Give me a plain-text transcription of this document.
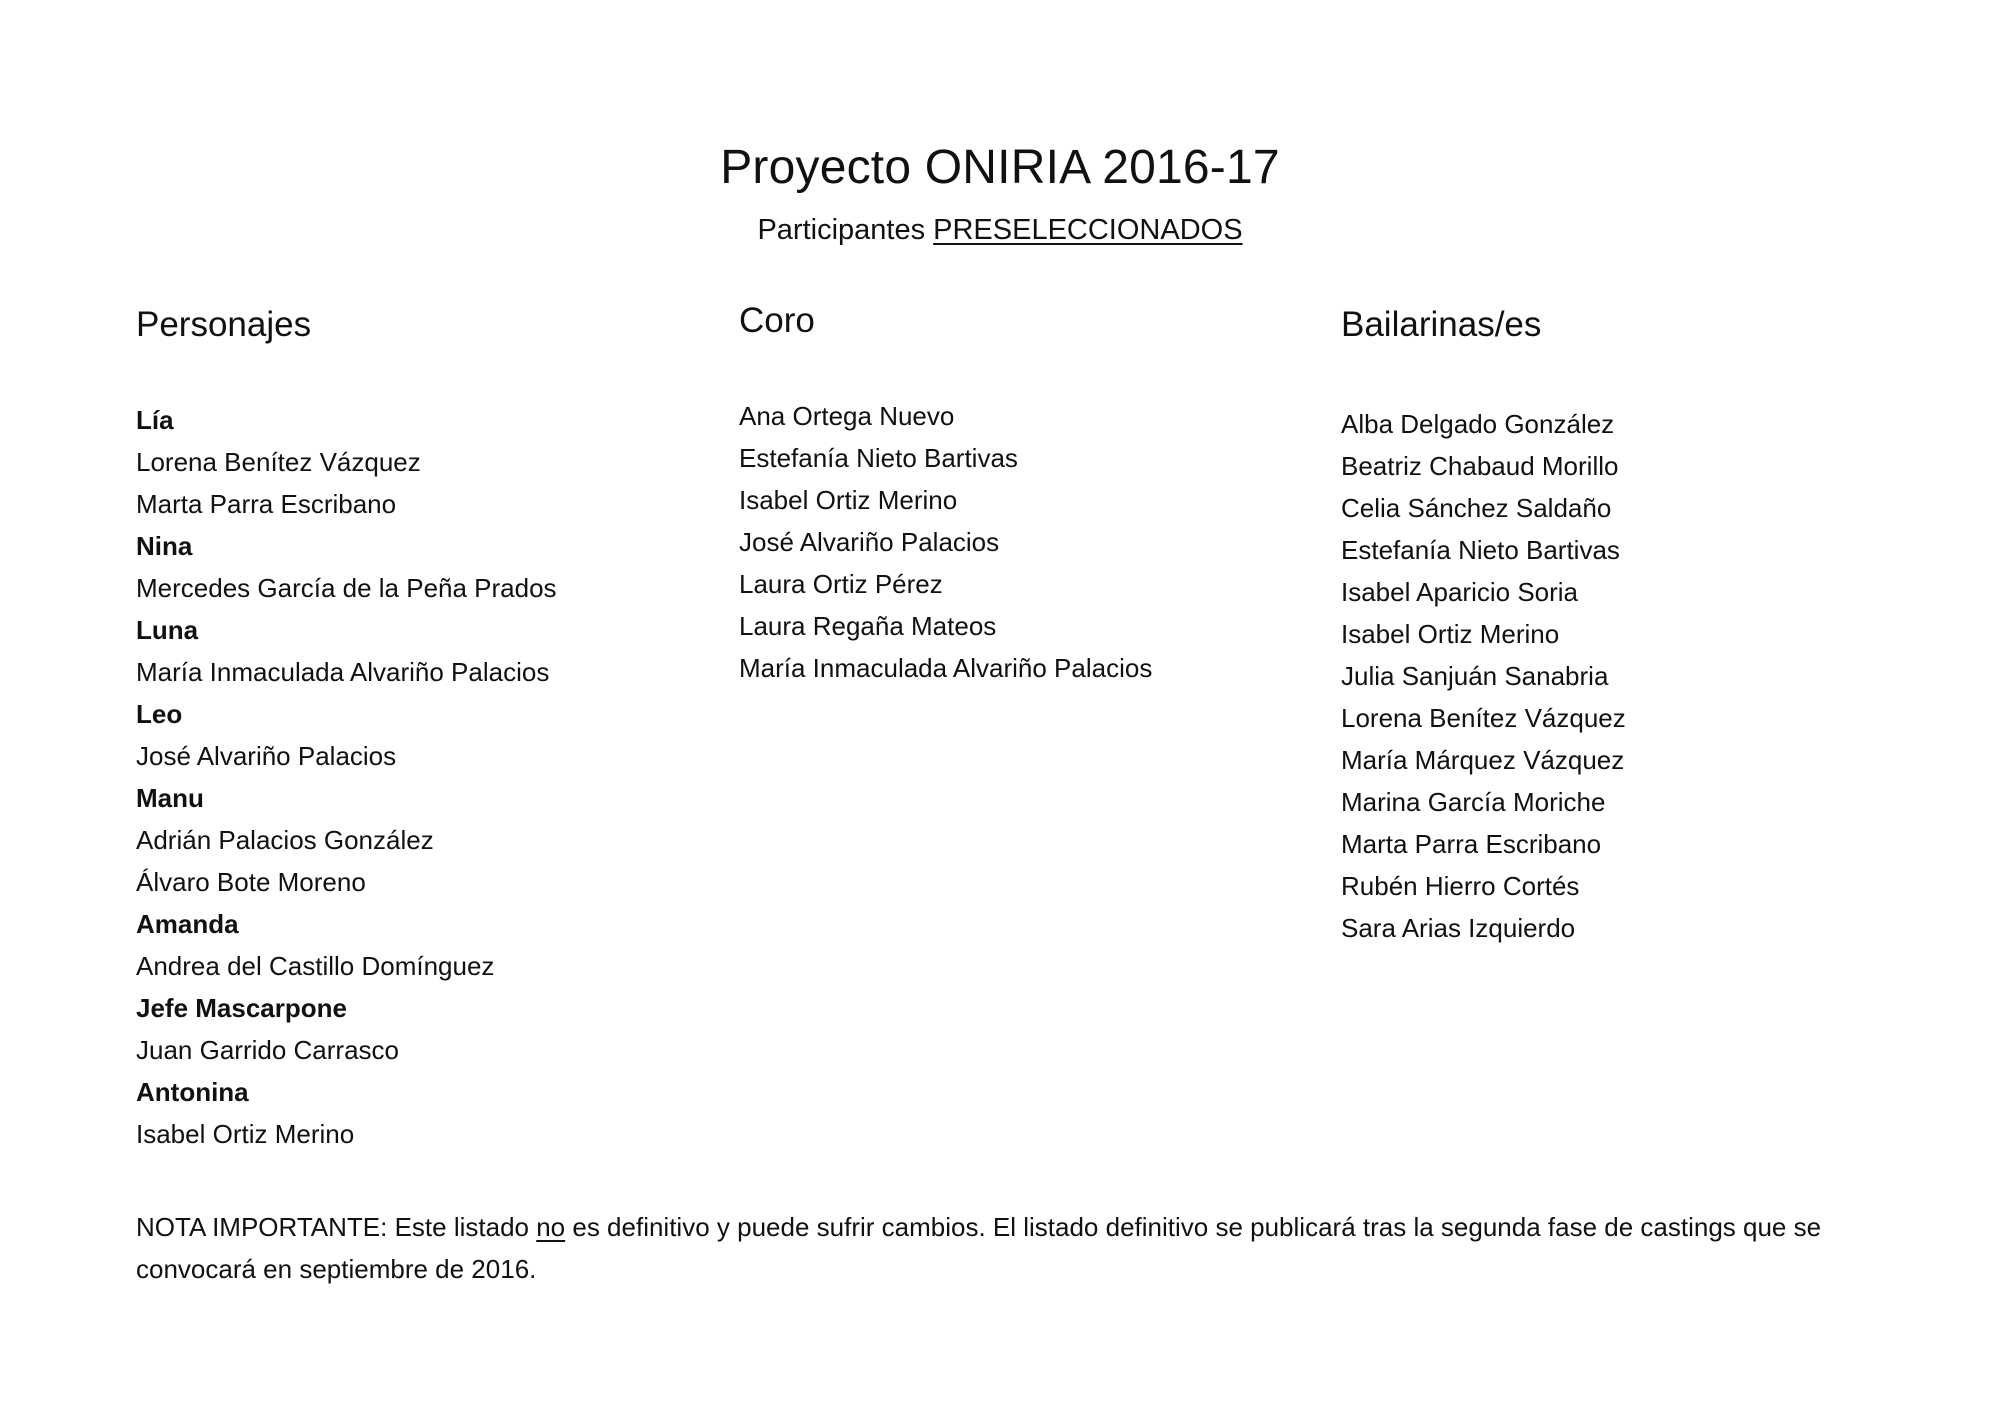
Proyecto ONIRIA 2016-17

Participantes PRESELECCIONADOS

Personajes
Lía
Lorena Benítez Vázquez
Marta Parra Escribano
Nina
Mercedes García de la Peña Prados
Luna
María Inmaculada Alvariño Palacios
Leo
José Alvariño Palacios
Manu
Adrián Palacios González
Álvaro Bote Moreno
Amanda
Andrea del Castillo Domínguez
Jefe Mascarpone
Juan Garrido Carrasco
Antonina
Isabel Ortiz Merino
Coro
Ana Ortega Nuevo
Estefanía Nieto Bartivas
Isabel Ortiz Merino
José Alvariño Palacios
Laura Ortiz Pérez
Laura Regaña Mateos
María Inmaculada Alvariño Palacios
Bailarinas/es
Alba Delgado González
Beatriz Chabaud Morillo
Celia Sánchez Saldaño
Estefanía Nieto Bartivas
Isabel Aparicio Soria
Isabel Ortiz Merino
Julia Sanjuán Sanabria
Lorena Benítez Vázquez
María Márquez Vázquez
Marina García Moriche
Marta Parra Escribano
Rubén Hierro Cortés
Sara Arias Izquierdo

NOTA IMPORTANTE: Este listado no es definitivo y puede sufrir cambios. El listado definitivo se publicará tras la segunda fase de castings que se convocará en septiembre de 2016.
